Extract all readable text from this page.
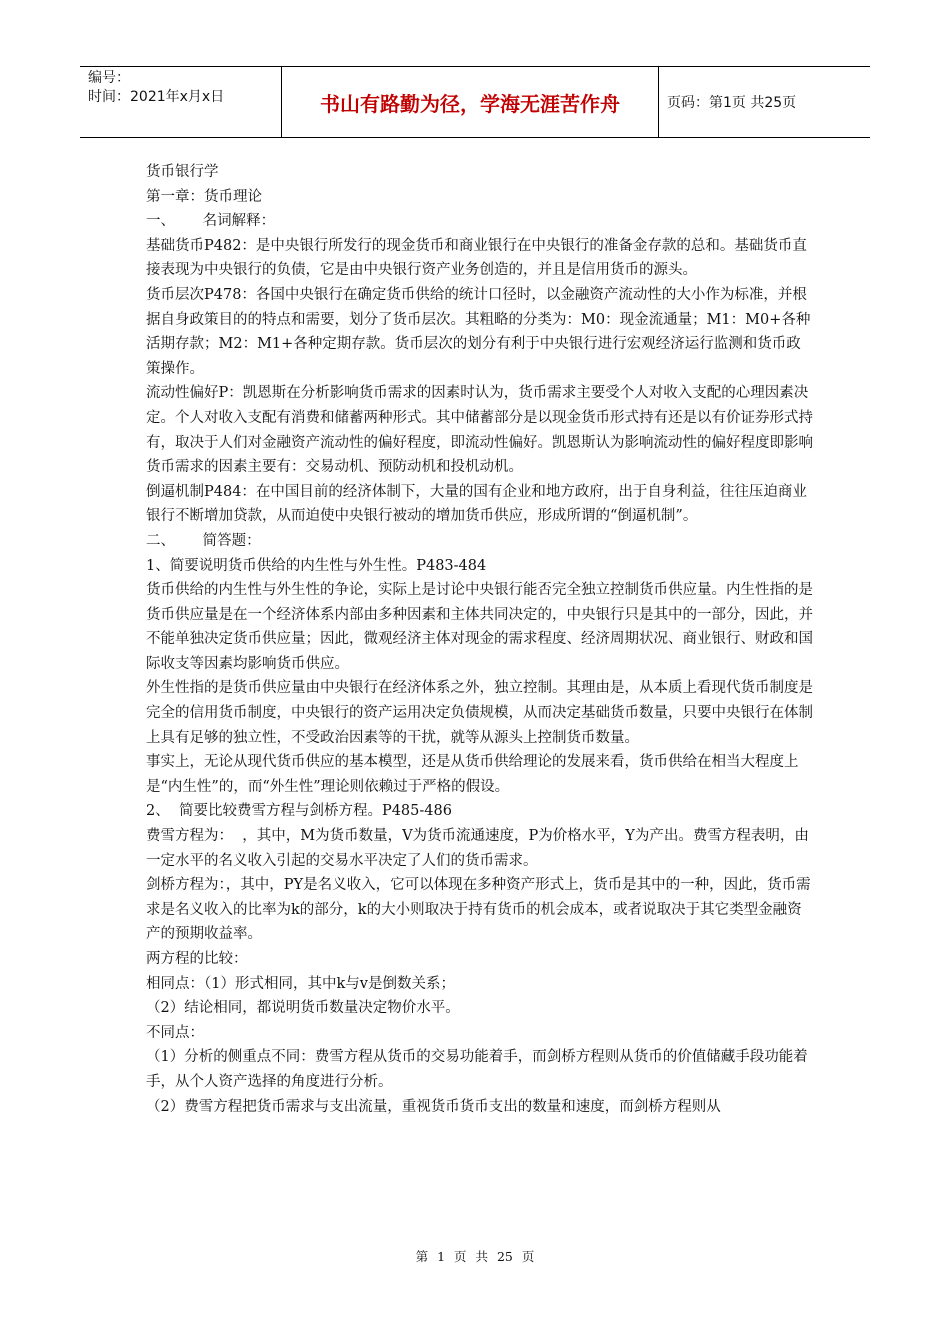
编号：
时间：2021年x月x日	书山有路勤为径，学海无涯苦作舟	页码：第1页 共25页

货币银行学

第一章：货币理论

一、      名词解释：

基础货币P482：是中央银行所发行的现金货币和商业银行在中央银行的准备金存款的总和。基础货币直接表现为中央银行的负债，它是由中央银行资产业务创造的，并且是信用货币的源头。

货币层次P478：各国中央银行在确定货币供给的统计口径时，以金融资产流动性的大小作为标准，并根据自身政策目的的特点和需要，划分了货币层次。其粗略的分类为：M0：现金流通量；M1：M0+各种活期存款；M2：M1+各种定期存款。货币层次的划分有利于中央银行进行宏观经济运行监测和货币政策操作。

流动性偏好P：凯恩斯在分析影响货币需求的因素时认为，货币需求主要受个人对收入支配的心理因素决定。个人对收入支配有消费和储蓄两种形式。其中储蓄部分是以现金货币形式持有还是以有价证券形式持有，取决于人们对金融资产流动性的偏好程度，即流动性偏好。凯恩斯认为影响流动性的偏好程度即影响货币需求的因素主要有：交易动机、预防动机和投机动机。

倒逼机制P484：在中国目前的经济体制下，大量的国有企业和地方政府，出于自身利益，往往压迫商业银行不断增加贷款，从而迫使中央银行被动的增加货币供应，形成所谓的“倒逼机制”。

二、      简答题：

1、简要说明货币供给的内生性与外生性。P483-484

货币供给的内生性与外生性的争论，实际上是讨论中央银行能否完全独立控制货币供应量。内生性指的是货币供应量是在一个经济体系内部由多种因素和主体共同决定的，中央银行只是其中的一部分，因此，并不能单独决定货币供应量；因此，微观经济主体对现金的需求程度、经济周期状况、商业银行、财政和国际收支等因素均影响货币供应。

外生性指的是货币供应量由中央银行在经济体系之外，独立控制。其理由是，从本质上看现代货币制度是完全的信用货币制度，中央银行的资产运用决定负债规模，从而决定基础货币数量，只要中央银行在体制上具有足够的独立性，不受政治因素等的干扰，就等从源头上控制货币数量。

事实上，无论从现代货币供应的基本模型，还是从货币供给理论的发展来看，货币供给在相当大程度上是“内生性”的，而“外生性”理论则依赖过于严格的假设。

2、  简要比较费雪方程与剑桥方程。P485-486

费雪方程为：  ，其中，M为货币数量，V为货币流通速度，P为价格水平，Y为产出。费雪方程表明，由一定水平的名义收入引起的交易水平决定了人们的货币需求。

剑桥方程为：，其中，PY是名义收入，它可以体现在多种资产形式上，货币是其中的一种，因此，货币需求是名义收入的比率为k的部分，k的大小则取决于持有货币的机会成本，或者说取决于其它类型金融资产的预期收益率。

两方程的比较：

相同点：（1）形式相同，其中k与v是倒数关系；

（2）结论相同，都说明货币数量决定物价水平。

不同点：

（1）分析的侧重点不同：费雪方程从货币的交易功能着手，而剑桥方程则从货币的价值储藏手段功能着手，从个人资产选择的角度进行分析。

（2）费雪方程把货币需求与支出流量，重视货币货币支出的数量和速度，而剑桥方程则从

第 1 页 共 25 页
